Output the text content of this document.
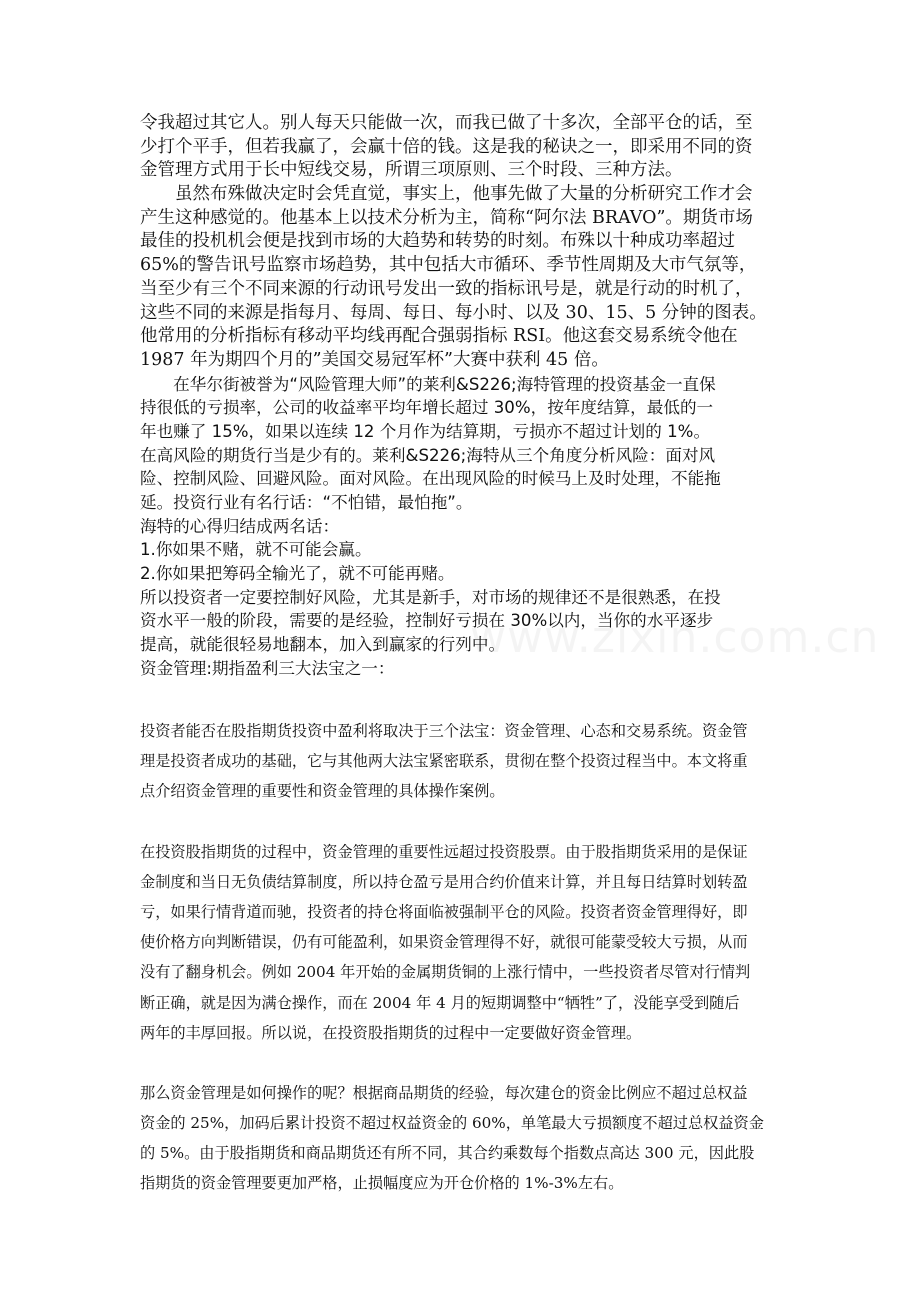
令我超过其它人。别人每天只能做一次，而我已做了十多次，全部平仓的话，至
少打个平手，但若我赢了，会赢十倍的钱。这是我的秘诀之一，即采用不同的资
金管理方式用于长中短线交易，所谓三项原则、三个时段、三种方法。
　　虽然布殊做决定时会凭直觉，事实上，他事先做了大量的分析研究工作才会
产生这种感觉的。他基本上以技术分析为主，简称“阿尔法 BRAVO”。期货市场
最佳的投机机会便是找到市场的大趋势和转势的时刻。布殊以十种成功率超过
65%的警告讯号监察市场趋势，其中包括大市循环、季节性周期及大市气氛等，
当至少有三个不同来源的行动讯号发出一致的指标讯号是，就是行动的时机了，
这些不同的来源是指每月、每周、每日、每小时、以及 30、15、5 分钟的图表。
他常用的分析指标有移动平均线再配合强弱指标 RSI。他这套交易系统令他在
1987 年为期四个月的”美国交易冠军杯”大赛中获利 45 倍。
　　在华尔街被誉为“风险管理大师”的莱利&S226;海特管理的投资基金一直保
持很低的亏损率，公司的收益率平均年增长超过 30%，按年度结算，最低的一
年也赚了 15%，如果以连续 12 个月作为结算期，亏损亦不超过计划的 1%。
在高风险的期货行当是少有的。莱利&S226;海特从三个角度分析风险：面对风
险、控制风险、回避风险。面对风险。在出现风险的时候马上及时处理，不能拖
延。投资行业有名行话：“不怕错，最怕拖”。
海特的心得归结成两名话：
1.你如果不赌，就不可能会赢。
2.你如果把筹码全输光了，就不可能再赌。
所以投资者一定要控制好风险，尤其是新手，对市场的规律还不是很熟悉，在投
资水平一般的阶段，需要的是经验，控制好亏损在 30%以内，当你的水平逐步
提高，就能很轻易地翻本，加入到赢家的行列中。
资金管理:期指盈利三大法宝之一：
投资者能否在股指期货投资中盈利将取决于三个法宝：资金管理、心态和交易系统。资金管
理是投资者成功的基础，它与其他两大法宝紧密联系，贯彻在整个投资过程当中。本文将重
点介绍资金管理的重要性和资金管理的具体操作案例。
在投资股指期货的过程中，资金管理的重要性远超过投资股票。由于股指期货采用的是保证
金制度和当日无负债结算制度，所以持仓盈亏是用合约价值来计算，并且每日结算时划转盈
亏，如果行情背道而驰，投资者的持仓将面临被强制平仓的风险。投资者资金管理得好，即
使价格方向判断错误，仍有可能盈利，如果资金管理得不好，就很可能蒙受较大亏损，从而
没有了翻身机会。例如 2004 年开始的金属期货铜的上涨行情中，一些投资者尽管对行情判
断正确，就是因为满仓操作，而在 2004 年 4 月的短期调整中“牺牲”了，没能享受到随后
两年的丰厚回报。所以说，在投资股指期货的过程中一定要做好资金管理。
那么资金管理是如何操作的呢？根据商品期货的经验，每次建仓的资金比例应不超过总权益
资金的 25%，加码后累计投资不超过权益资金的 60%，单笔最大亏损额度不超过总权益资金
的 5%。由于股指期货和商品期货还有所不同，其合约乘数每个指数点高达 300 元，因此股
指期货的资金管理要更加严格，止损幅度应为开仓价格的 1%-3%左右。
